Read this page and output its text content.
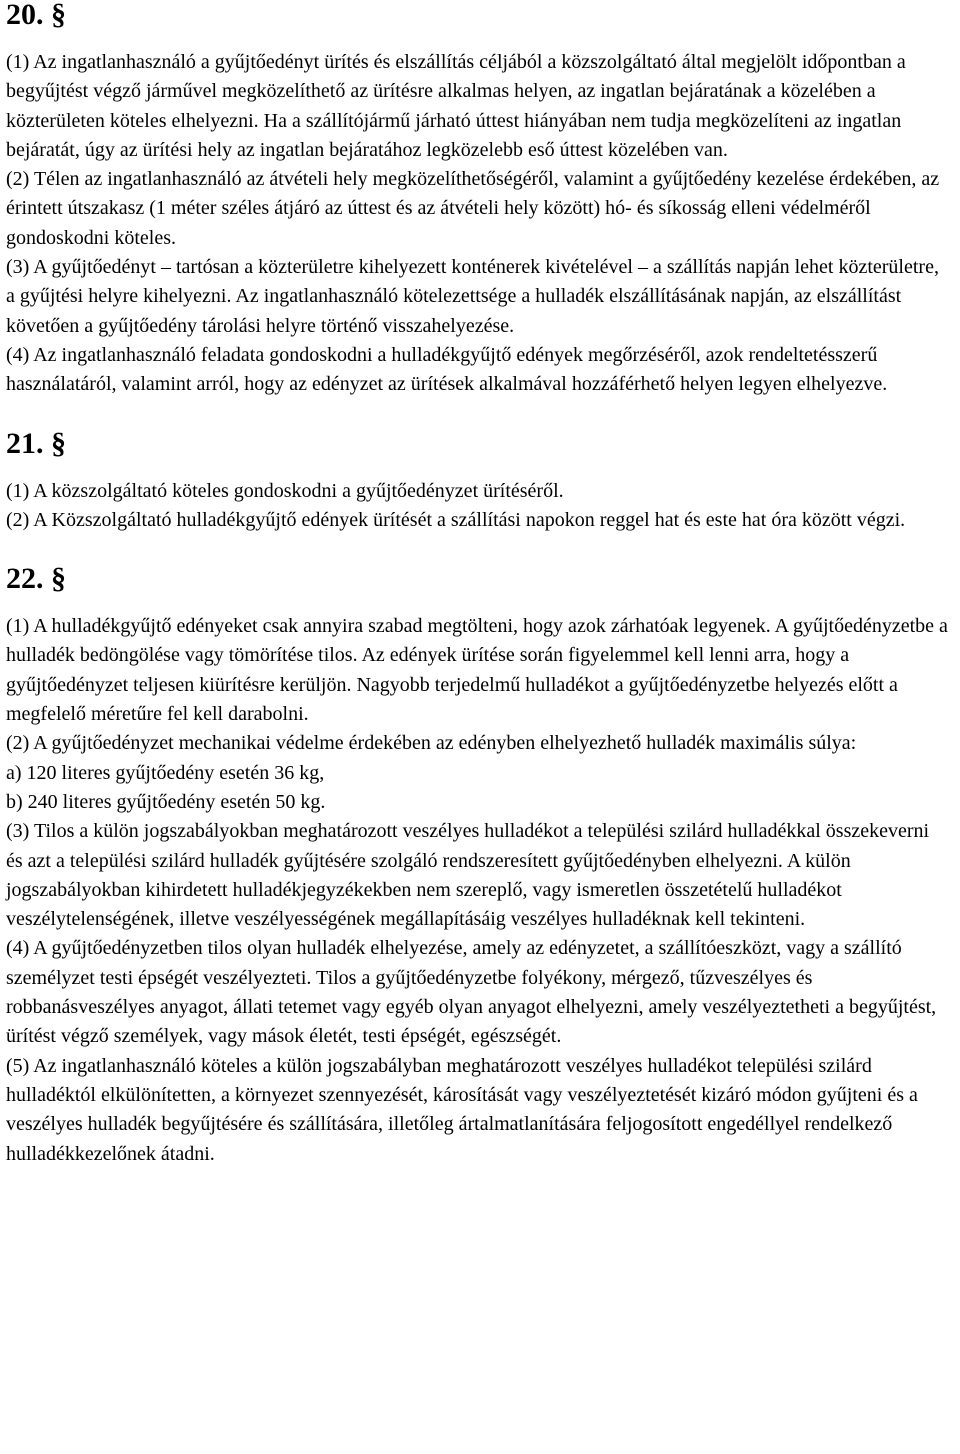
20. §

(1) Az ingatlanhasználó a gyűjtőedényt ürítés és elszállítás céljából a közszolgáltató által megjelölt időpontban a begyűjtést végző járművel megközelíthető az ürítésre alkalmas helyen, az ingatlan bejáratának a közelében a közterületen köteles elhelyezni. Ha a szállítójármű járható úttest hiányában nem tudja megközelíteni az ingatlan bejáratát, úgy az ürítési hely az ingatlan bejáratához legközelebb eső úttest közelében van.

(2) Télen az ingatlanhasználó az átvételi hely megközelíthetőségéről, valamint a gyűjtőedény kezelése érdekében, az érintett útszakasz (1 méter széles átjáró az úttest és az átvételi hely között) hó- és síkosság elleni védelméről gondoskodni köteles.

(3) A gyűjtőedényt – tartósan a közterületre kihelyezett konténerek kivételével – a szállítás napján lehet közterületre, a gyűjtési helyre kihelyezni. Az ingatlanhasználó kötelezettsége a hulladék elszállításának napján, az elszállítást követően a gyűjtőedény tárolási helyre történő visszahelyezése.

(4) Az ingatlanhasználó feladata gondoskodni a hulladékgyűjtő edények megőrzéséről, azok rendeltetésszerű használatáról, valamint arról, hogy az edényzet az ürítések alkalmával hozzáférhető helyen legyen elhelyezve.

21. §

(1) A közszolgáltató köteles gondoskodni a gyűjtőedényzet ürítéséről.

(2) A Közszolgáltató hulladékgyűjtő edények ürítését a szállítási napokon reggel hat és este hat óra között végzi.

22. §

(1) A hulladékgyűjtő edényeket csak annyira szabad megtölteni, hogy azok zárhatóak legyenek. A gyűjtőedényzetbe a hulladék bedöngölése vagy tömörítése tilos. Az edények ürítése során figyelemmel kell lenni arra, hogy a gyűjtőedényzet teljesen kiürítésre kerüljön. Nagyobb terjedelmű hulladékot a gyűjtőedényzetbe helyezés előtt a megfelelő méretűre fel kell darabolni.

(2) A gyűjtőedényzet mechanikai védelme érdekében az edényben elhelyezhető hulladék maximális súlya:

a) 120 literes gyűjtőedény esetén 36 kg,

b) 240 literes gyűjtőedény esetén 50 kg.

(3) Tilos a külön jogszabályokban meghatározott veszélyes hulladékot a települési szilárd hulladékkal összekeverni és azt a települési szilárd hulladék gyűjtésére szolgáló rendszeresített gyűjtőedényben elhelyezni. A külön jogszabályokban kihirdetett hulladékjegyzékekben nem szereplő, vagy ismeretlen összetételű hulladékot veszélytelenségének, illetve veszélyességének megállapításáig veszélyes hulladéknak kell tekinteni.

(4) A gyűjtőedényzetben tilos olyan hulladék elhelyezése, amely az edényzetet, a szállítóeszközt, vagy a szállító személyzet testi épségét veszélyezteti. Tilos a gyűjtőedényzetbe folyékony, mérgező, tűzveszélyes és robbanásveszélyes anyagot, állati tetemet vagy egyéb olyan anyagot elhelyezni, amely veszélyeztetheti a begyűjtést, ürítést végző személyek, vagy mások életét, testi épségét, egészségét.

(5) Az ingatlanhasználó köteles a külön jogszabályban meghatározott veszélyes hulladékot települési szilárd hulladéktól elkülönítetten, a környezet szennyezését, károsítását vagy veszélyeztetését kizáró módon gyűjteni és a veszélyes hulladék begyűjtésére és szállítására, illetőleg ártalmatlanítására feljogosított engedéllyel rendelkező hulladékkezelőnek átadni.
